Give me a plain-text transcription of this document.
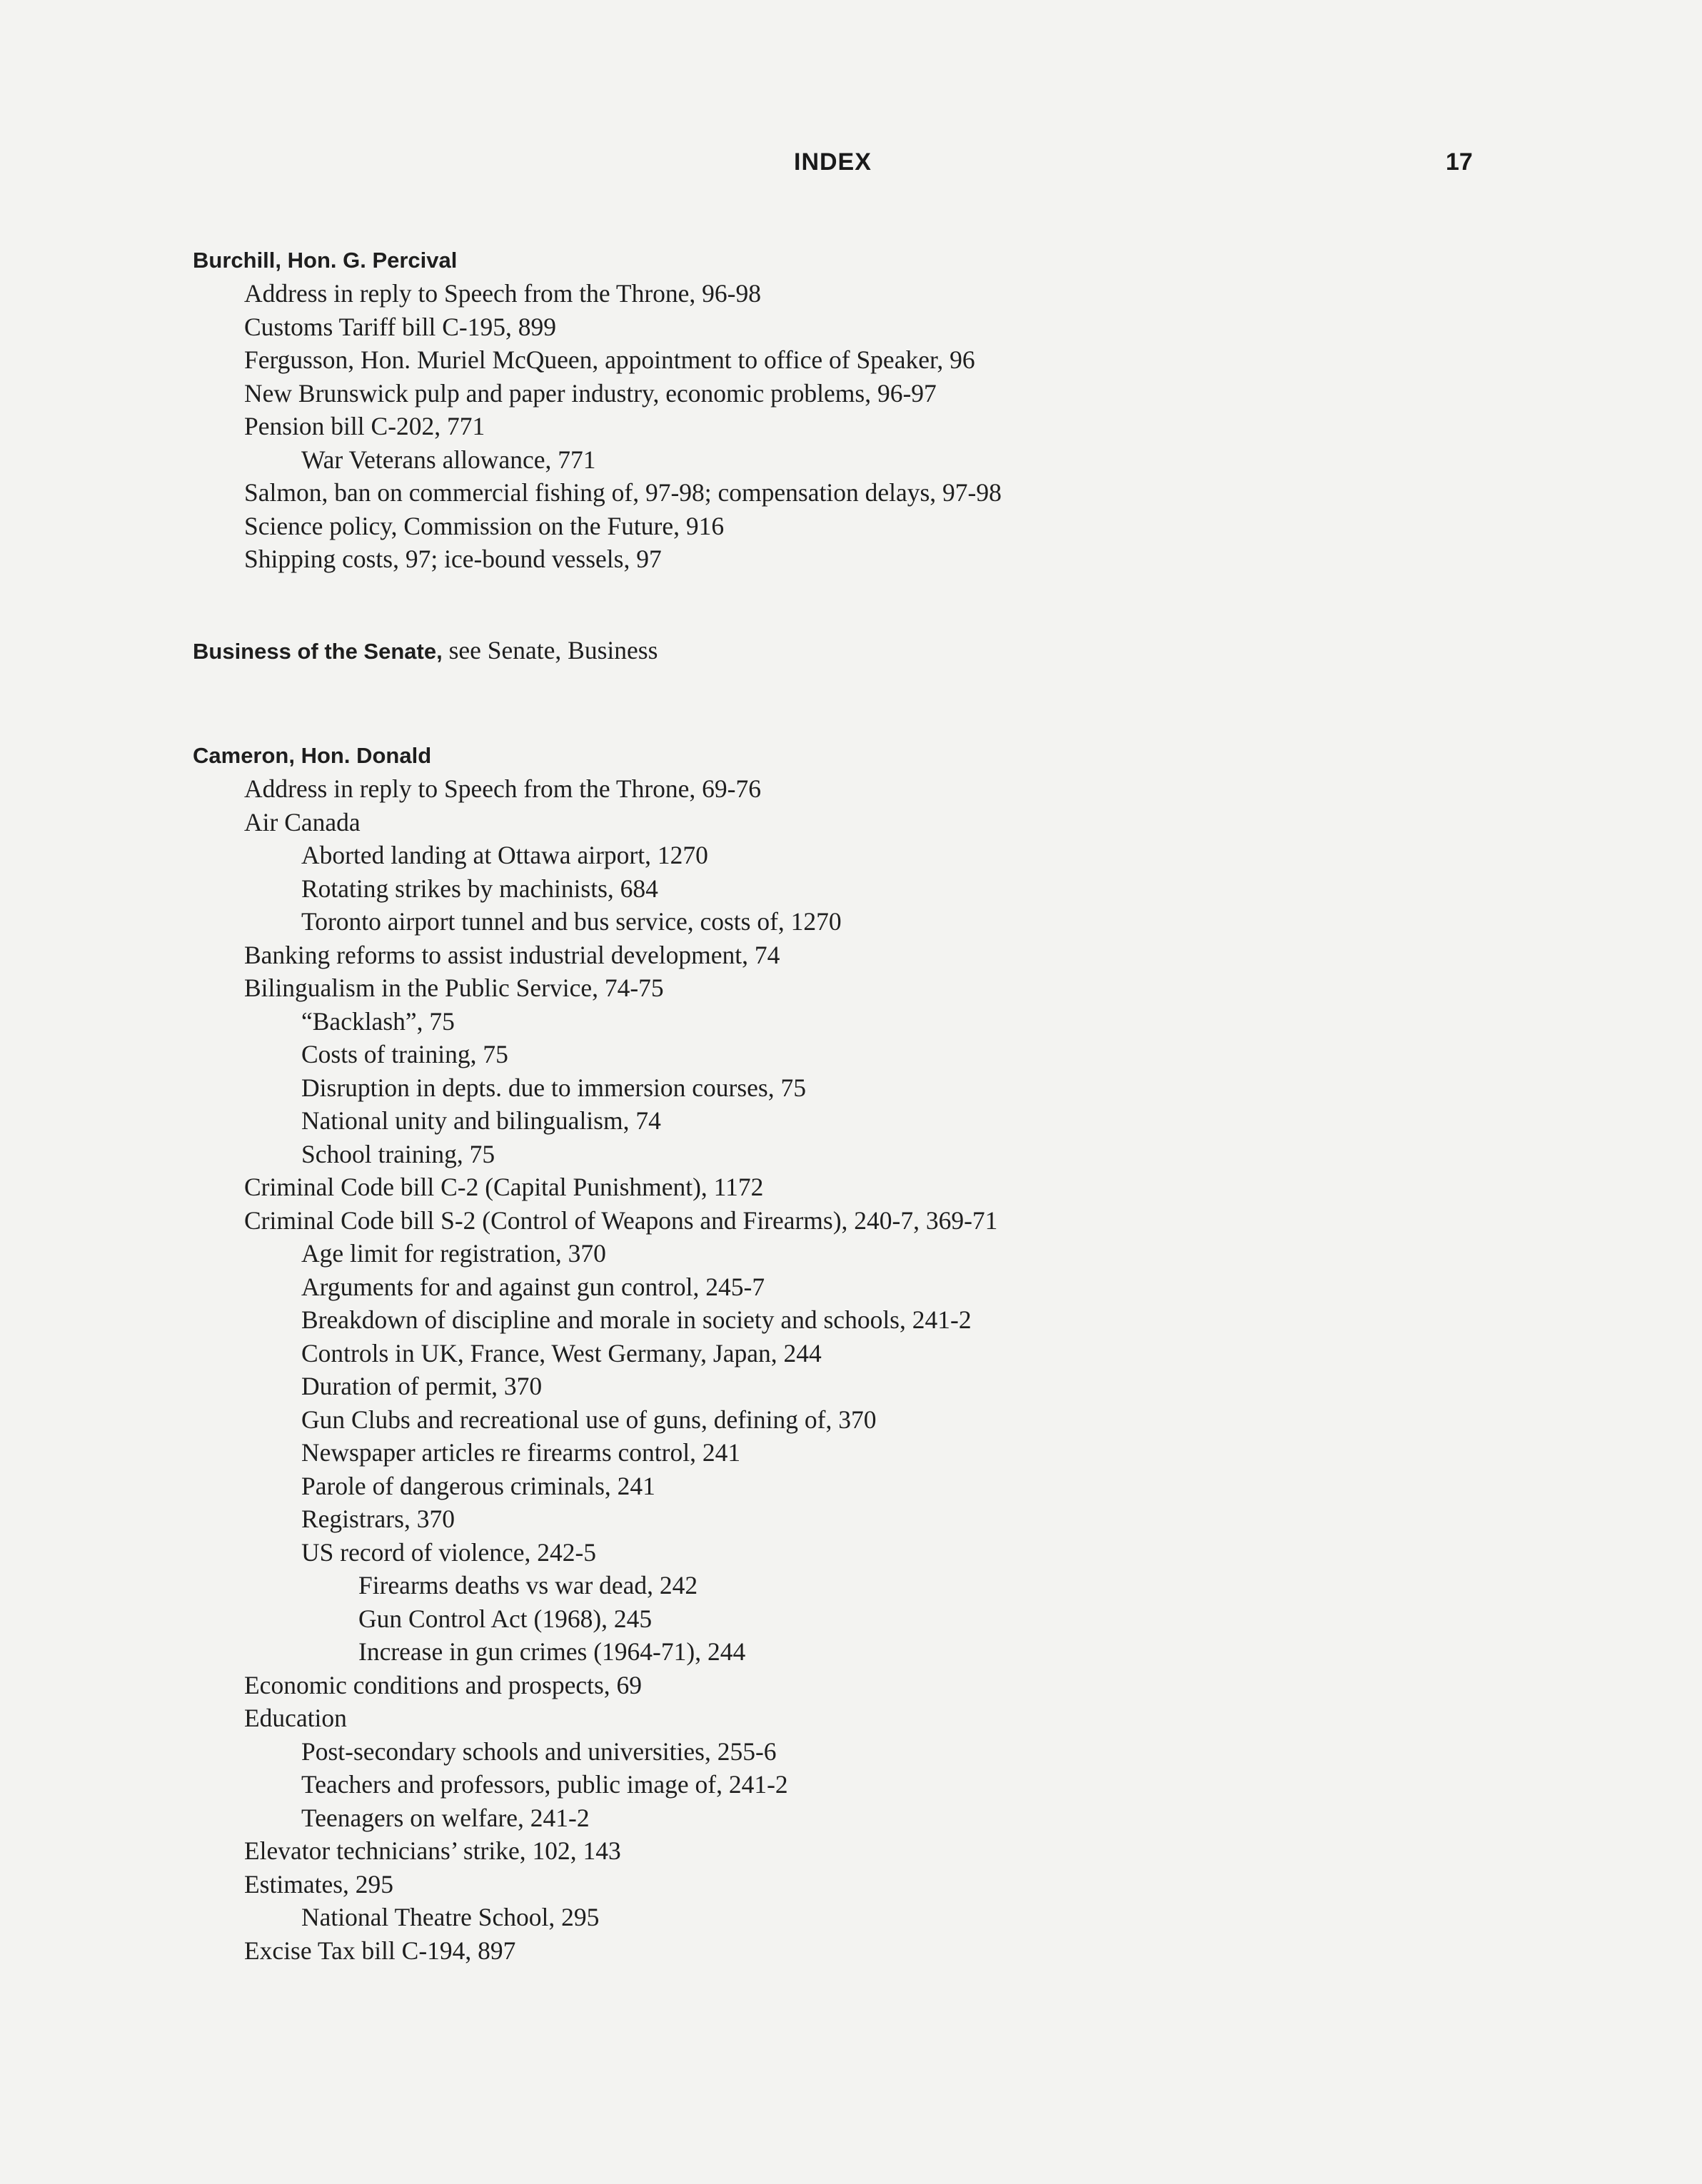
INDEX	17
Burchill, Hon. G. Percival
Address in reply to Speech from the Throne, 96-98
Customs Tariff bill C-195, 899
Fergusson, Hon. Muriel McQueen, appointment to office of Speaker, 96
New Brunswick pulp and paper industry, economic problems, 96-97
Pension bill C-202, 771
War Veterans allowance, 771
Salmon, ban on commercial fishing of, 97-98; compensation delays, 97-98
Science policy, Commission on the Future, 916
Shipping costs, 97; ice-bound vessels, 97
Business of the Senate, see Senate, Business
Cameron, Hon. Donald
Address in reply to Speech from the Throne, 69-76
Air Canada
Aborted landing at Ottawa airport, 1270
Rotating strikes by machinists, 684
Toronto airport tunnel and bus service, costs of, 1270
Banking reforms to assist industrial development, 74
Bilingualism in the Public Service, 74-75
“Backlash”, 75
Costs of training, 75
Disruption in depts. due to immersion courses, 75
National unity and bilingualism, 74
School training, 75
Criminal Code bill C-2 (Capital Punishment), 1172
Criminal Code bill S-2 (Control of Weapons and Firearms), 240-7, 369-71
Age limit for registration, 370
Arguments for and against gun control, 245-7
Breakdown of discipline and morale in society and schools, 241-2
Controls in UK, France, West Germany, Japan, 244
Duration of permit, 370
Gun Clubs and recreational use of guns, defining of, 370
Newspaper articles re firearms control, 241
Parole of dangerous criminals, 241
Registrars, 370
US record of violence, 242-5
Firearms deaths vs war dead, 242
Gun Control Act (1968), 245
Increase in gun crimes (1964-71), 244
Economic conditions and prospects, 69
Education
Post-secondary schools and universities, 255-6
Teachers and professors, public image of, 241-2
Teenagers on welfare, 241-2
Elevator technicians’ strike, 102, 143
Estimates, 295
National Theatre School, 295
Excise Tax bill C-194, 897
